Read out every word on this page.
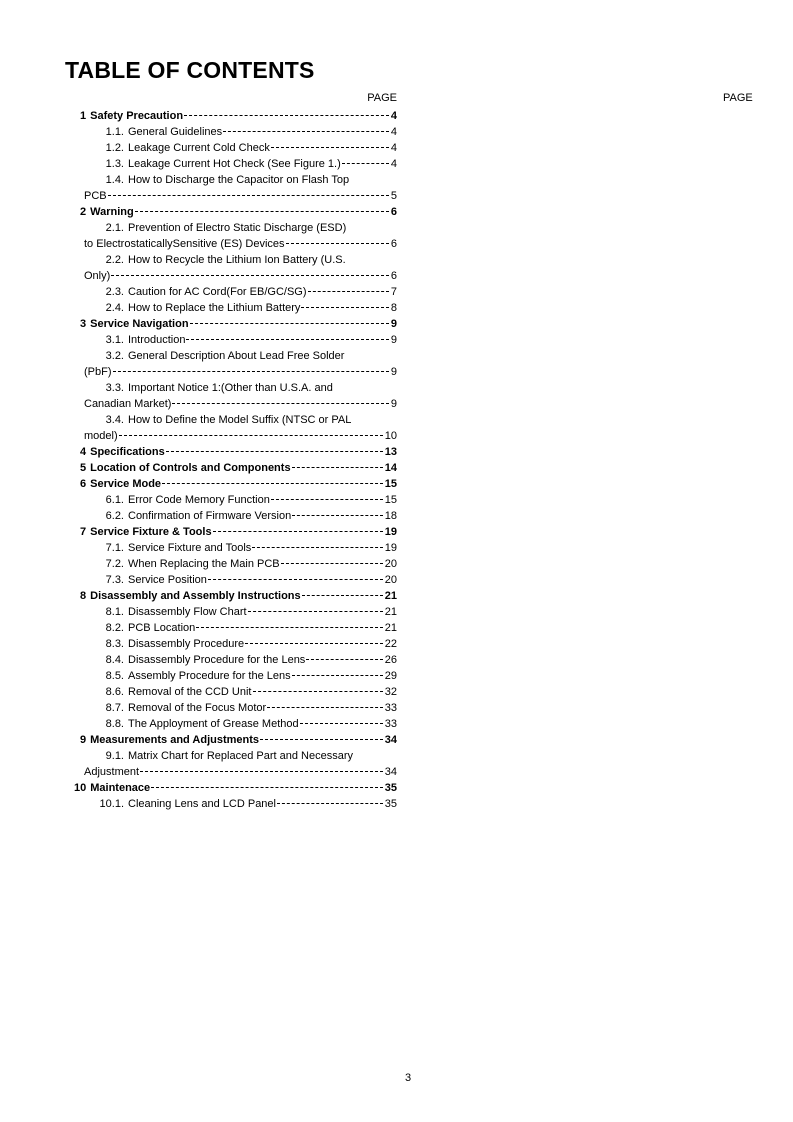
TABLE OF CONTENTS
PAGE	PAGE
1 Safety Precaution	4
1.1. General Guidelines	4
1.2. Leakage Current Cold Check	4
1.3. Leakage Current Hot Check (See Figure 1.)	4
1.4. How to Discharge the Capacitor on Flash Top
PCB	5
2 Warning	6
2.1. Prevention of Electro Static Discharge (ESD)
to ElectrostaticallySensitive (ES) Devices	6
2.2. How to Recycle the Lithium Ion Battery (U.S.
Only)	6
2.3. Caution for AC Cord(For EB/GC/SG)	7
2.4. How to Replace the Lithium Battery	8
3 Service Navigation	9
3.1. Introduction	9
3.2. General Description About Lead Free Solder
(PbF)	9
3.3. Important Notice 1:(Other than U.S.A. and
Canadian Market)	9
3.4. How to Define the Model Suffix (NTSC or PAL
model)	10
4 Specifications	13
5 Location of Controls and Components	14
6 Service Mode	15
6.1. Error Code Memory Function	15
6.2. Confirmation of Firmware Version	18
7 Service Fixture & Tools	19
7.1. Service Fixture and Tools	19
7.2. When Replacing the Main PCB	20
7.3. Service Position	20
8 Disassembly and Assembly Instructions	21
8.1. Disassembly Flow Chart	21
8.2. PCB Location	21
8.3. Disassembly Procedure	22
8.4. Disassembly Procedure for the Lens	26
8.5. Assembly Procedure for the Lens	29
8.6. Removal of the CCD Unit	32
8.7. Removal of the Focus Motor	33
8.8. The Apployment of Grease Method	33
9 Measurements and Adjustments	34
9.1. Matrix Chart for Replaced Part and Necessary
Adjustment	34
10 Maintenace	35
10.1. Cleaning Lens and LCD Panel	35
3
